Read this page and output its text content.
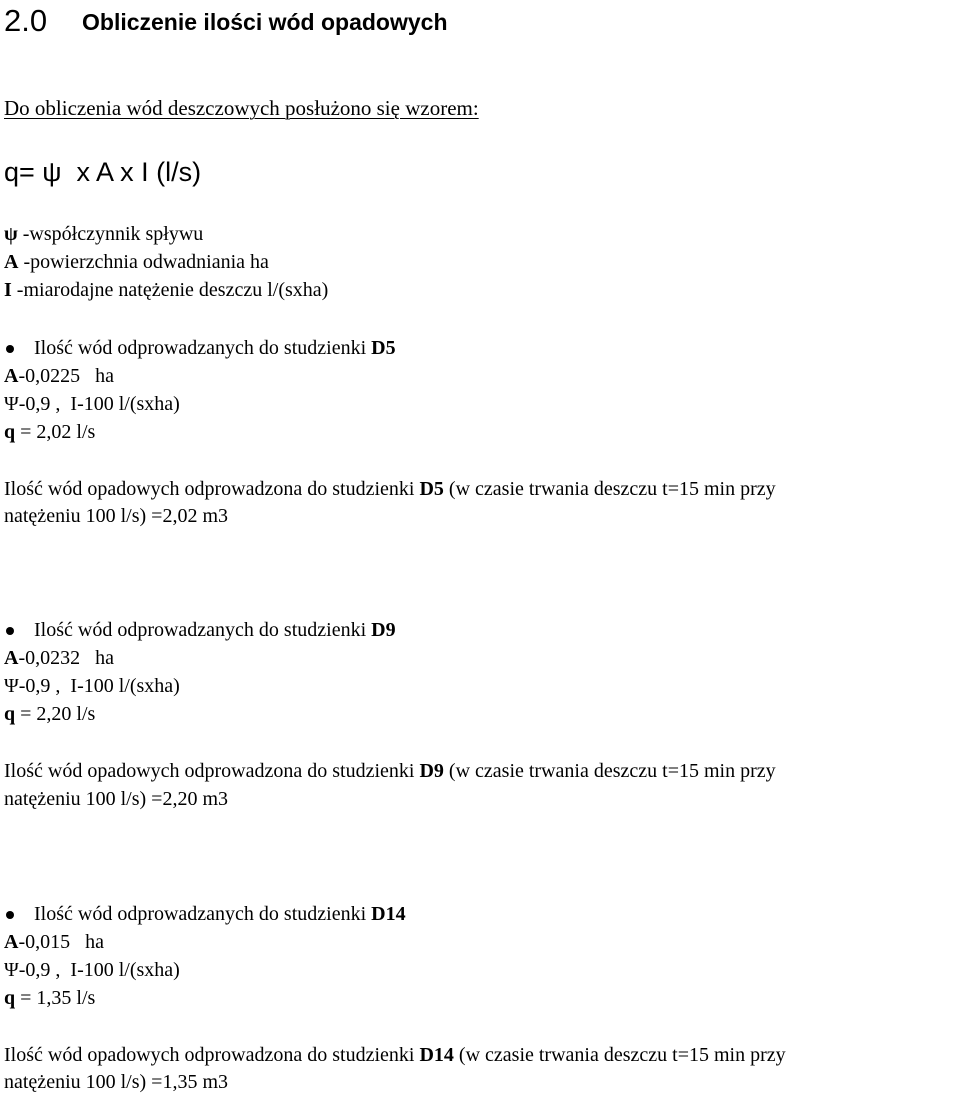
2.0 Obliczenie ilości wód opadowych
Do obliczenia wód deszczowych posłużono się wzorem:
q= ψ  x A x I (l/s)
ψ -współczynnik spływu
A -powierzchnia odwadniania ha
I -miarodajne natężenie deszczu l/(sxha)
Ilość wód odprowadzanych do studzienki D5
A-0,0225   ha
Ψ-0,9 ,  I-100 l/(sxha)
q = 2,02 l/s
Ilość wód opadowych odprowadzona do studzienki D5 (w czasie trwania deszczu t=15 min przy
natężeniu 100 l/s) =2,02 m3
Ilość wód odprowadzanych do studzienki D9
A-0,0232   ha
Ψ-0,9 ,  I-100 l/(sxha)
q = 2,20 l/s
Ilość wód opadowych odprowadzona do studzienki D9 (w czasie trwania deszczu t=15 min przy
natężeniu 100 l/s) =2,20 m3
Ilość wód odprowadzanych do studzienki D14
A-0,015   ha
Ψ-0,9 ,  I-100 l/(sxha)
q = 1,35 l/s
Ilość wód opadowych odprowadzona do studzienki D14 (w czasie trwania deszczu t=15 min przy
natężeniu 100 l/s) =1,35 m3
